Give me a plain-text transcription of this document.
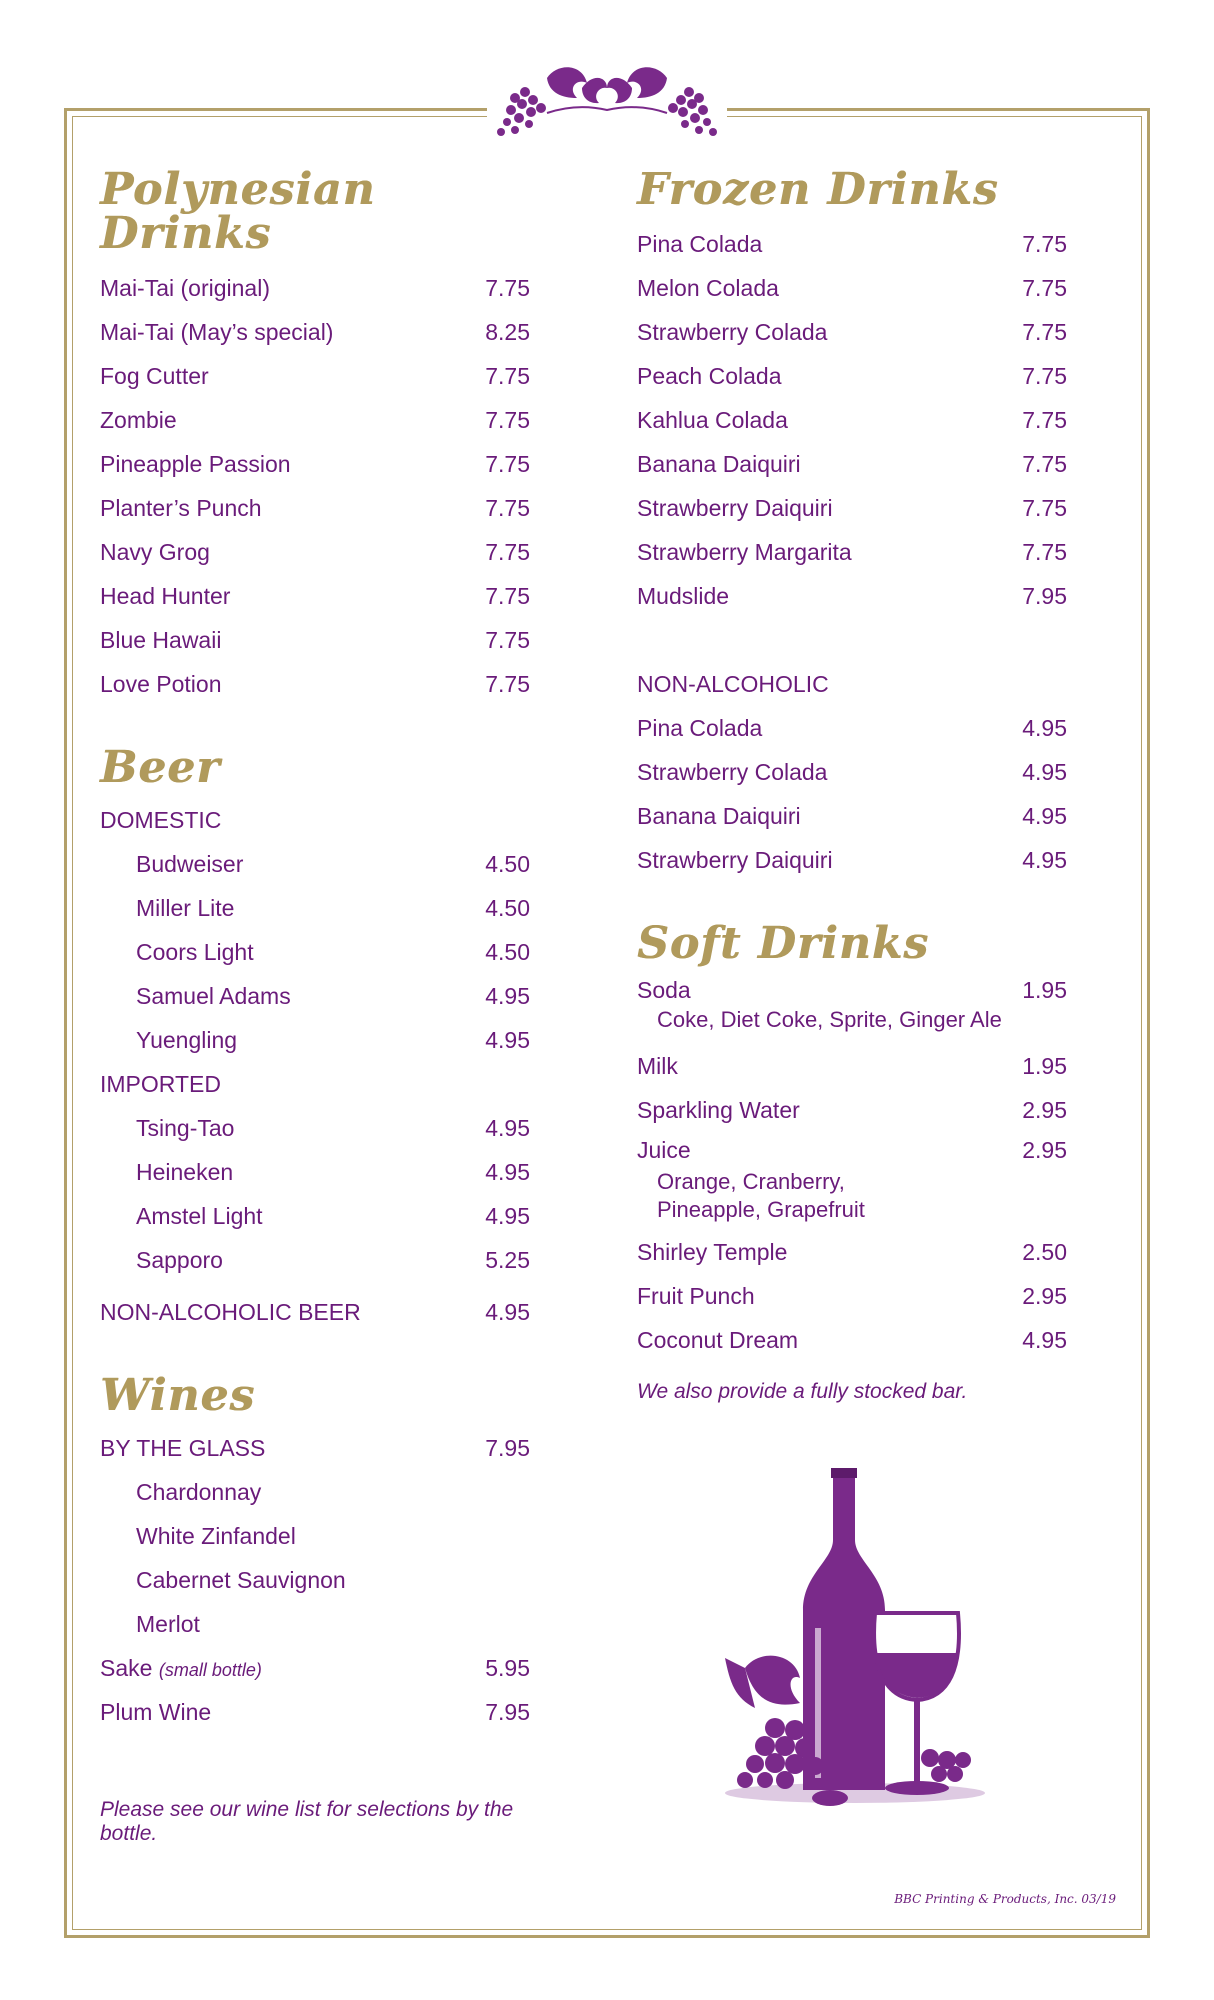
Polynesian Drinks
Mai-Tai (original)	7.75
Mai-Tai (May’s special)	8.25
Fog Cutter	7.75
Zombie	7.75
Pineapple Passion	7.75
Planter’s Punch	7.75
Navy Grog	7.75
Head Hunter	7.75
Blue Hawaii	7.75
Love Potion	7.75
Beer
DOMESTIC
Budweiser	4.50
Miller Lite	4.50
Coors Light	4.50
Samuel Adams	4.95
Yuengling	4.95
IMPORTED
Tsing-Tao	4.95
Heineken	4.95
Amstel Light	4.95
Sapporo	5.25
NON-ALCOHOLIC BEER	4.95
Wines
BY THE GLASS	7.95
Chardonnay
White Zinfandel
Cabernet Sauvignon
Merlot
Sake (small bottle)	5.95
Plum Wine	7.95
Please see our wine list for selections by the bottle.
Frozen Drinks
Pina Colada	7.75
Melon Colada	7.75
Strawberry Colada	7.75
Peach Colada	7.75
Kahlua Colada	7.75
Banana Daiquiri	7.75
Strawberry Daiquiri	7.75
Strawberry Margarita	7.75
Mudslide	7.95
NON-ALCOHOLIC
Pina Colada	4.95
Strawberry Colada	4.95
Banana Daiquiri	4.95
Strawberry Daiquiri	4.95
Soft Drinks
Soda	1.95
Coke, Diet Coke, Sprite, Ginger Ale
Milk	1.95
Sparkling Water	2.95
Juice	2.95
Orange, Cranberry,
Pineapple, Grapefruit
Shirley Temple	2.50
Fruit Punch	2.95
Coconut Dream	4.95
We also provide a fully stocked bar.
BBC Printing & Products, Inc. 03/19
